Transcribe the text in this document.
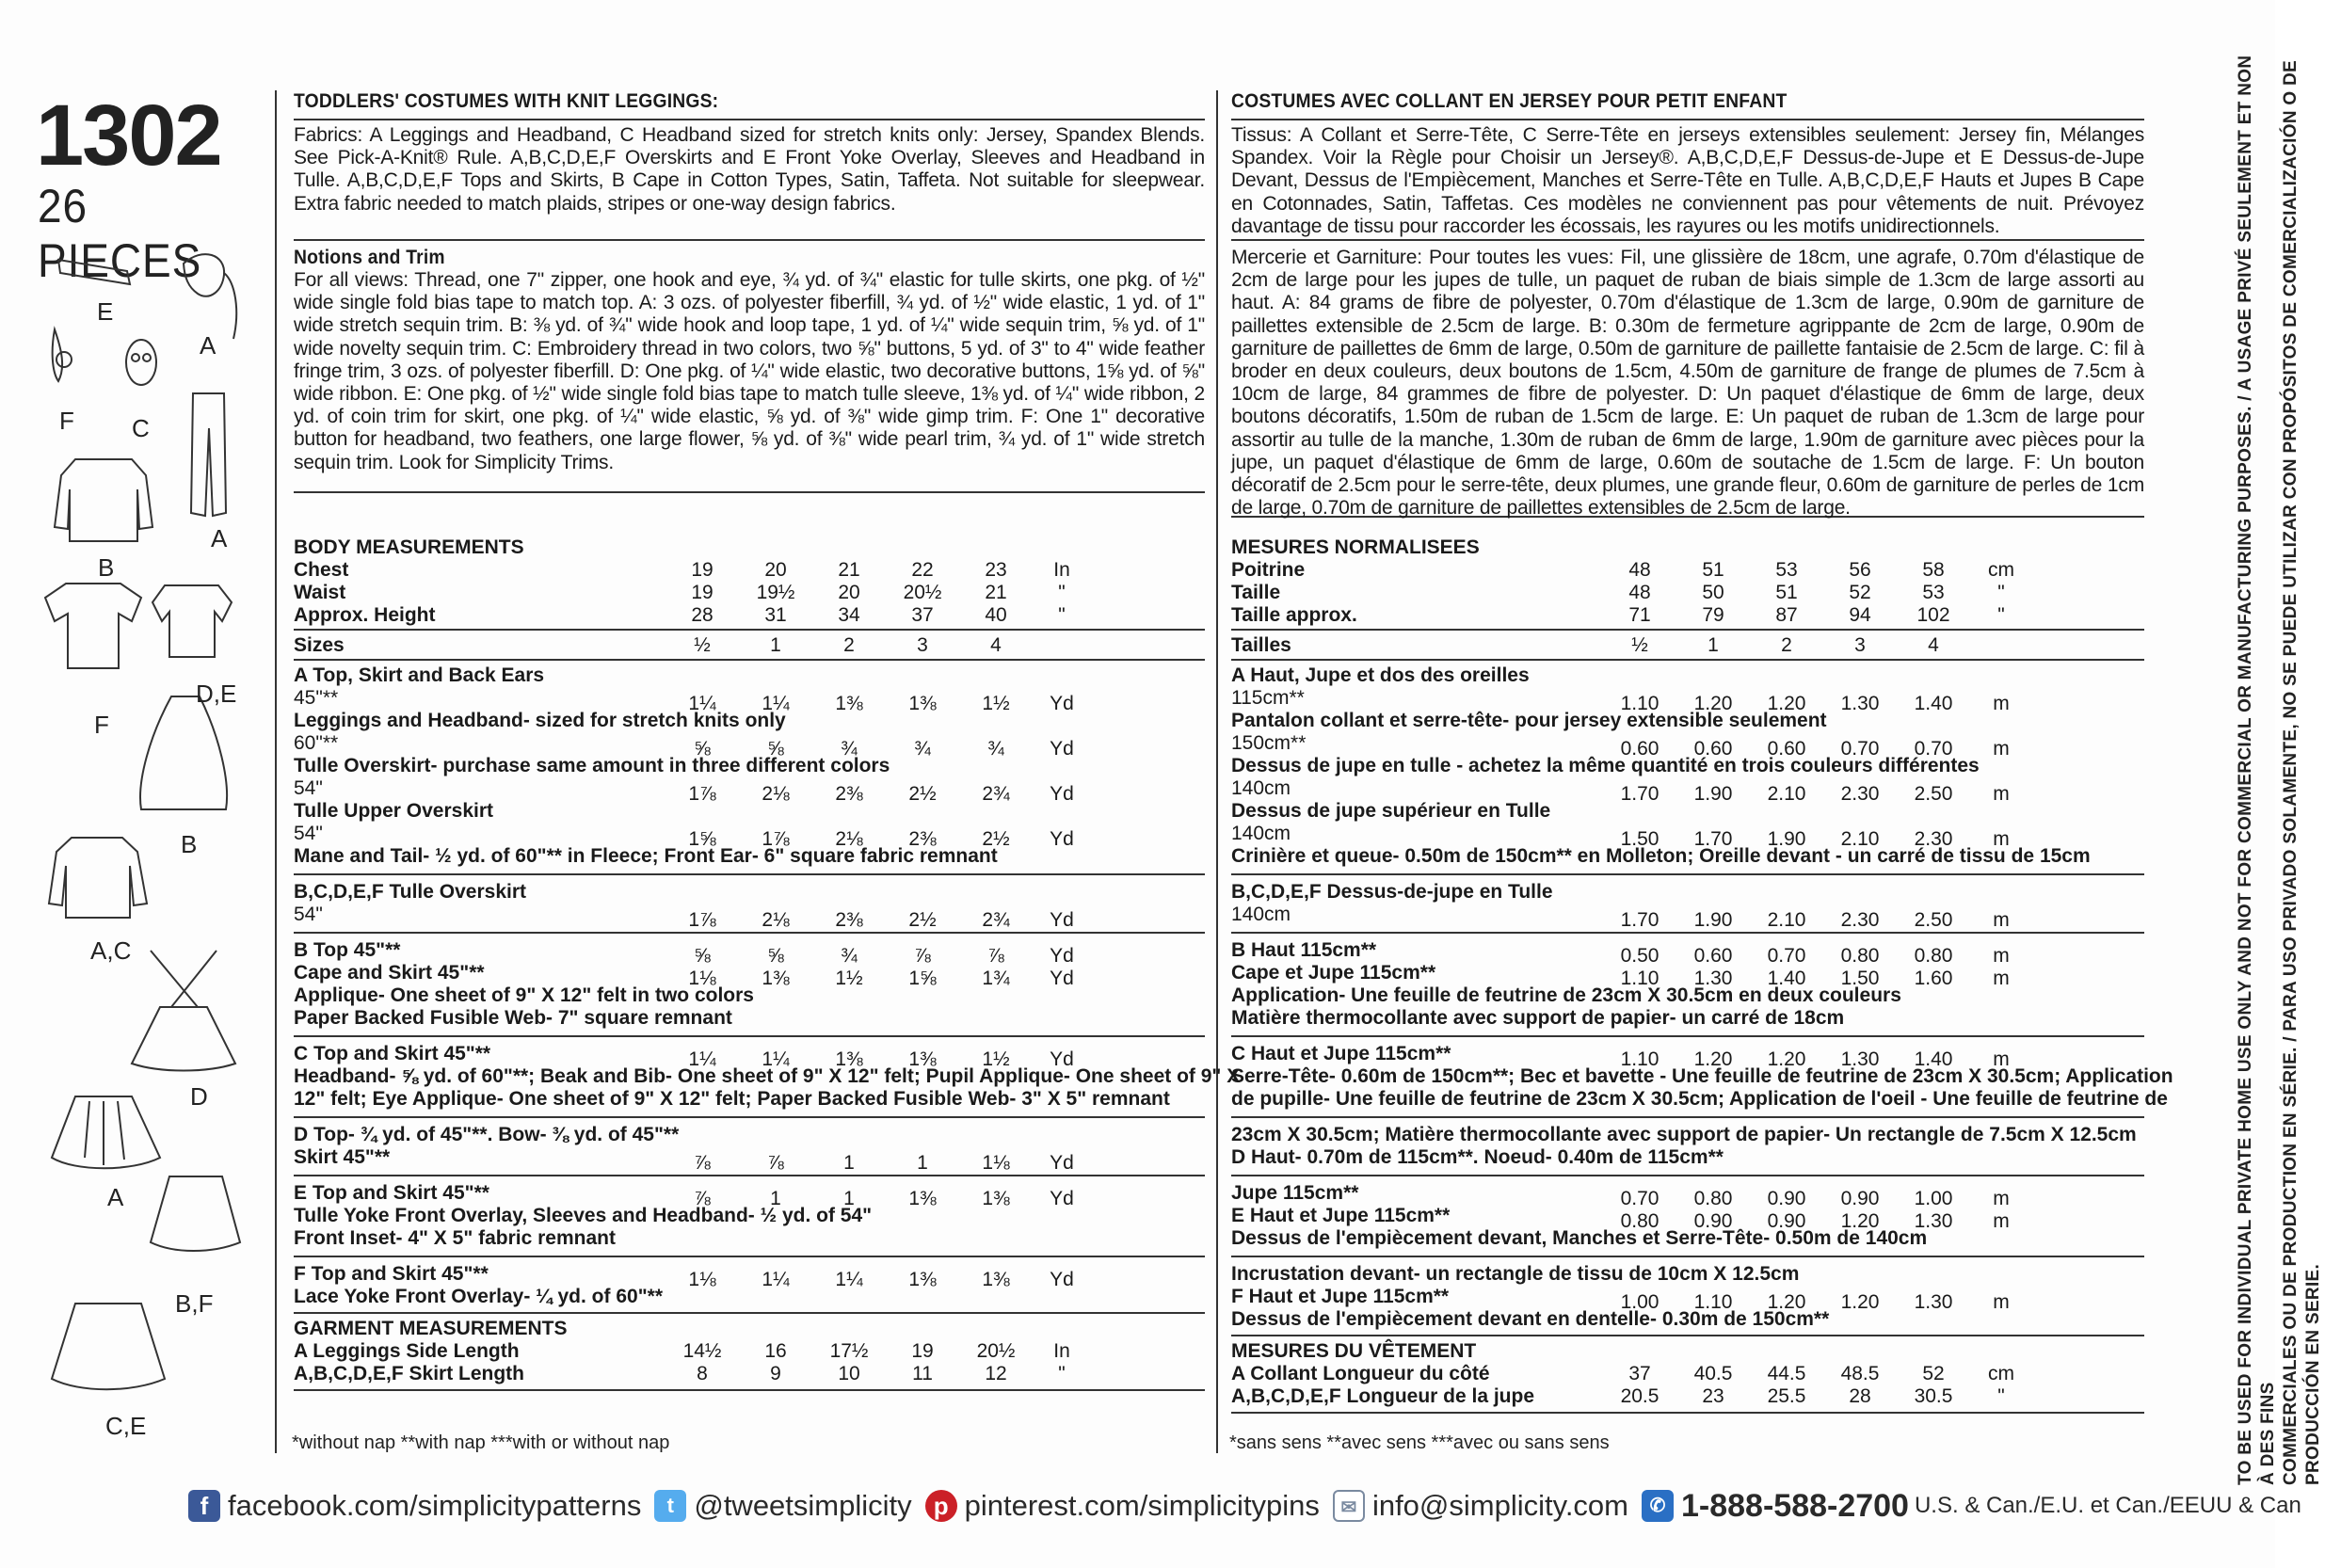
1302
26 PIECES
E
A
F C
A
B
F
D,E
B
A,C
D
A
B,F
C,E
TODDLERS' COSTUMES WITH KNIT LEGGINGS:
Fabrics: A Leggings and Headband, C Headband sized for stretch knits only: Jersey, Spandex Blends. See Pick-A-Knit® Rule. A,B,C,D,E,F Overskirts and E Front Yoke Overlay, Sleeves and Headband in Tulle. A,B,C,D,E,F Tops and Skirts, B Cape in Cotton Types, Satin, Taffeta. Not suitable for sleepwear. Extra fabric needed to match plaids, stripes or one-way design fabrics.
Notions and Trim
For all views: Thread, one 7" zipper, one hook and eye, ¾ yd. of ¾" elastic for tulle skirts, one pkg. of ½" wide single fold bias tape to match top. A: 3 ozs. of polyester fiberfill, ¾ yd. of ½" wide elastic, 1 yd. of 1" wide stretch sequin trim. B: ⅜ yd. of ¾" wide hook and loop tape, 1 yd. of ¼" wide sequin trim, ⅝ yd. of 1" wide novelty sequin trim. C: Embroidery thread in two colors, two ⅝" buttons, 5 yd. of 3" to 4" wide feather fringe trim, 3 ozs. of polyester fiberfill. D: One pkg. of ¼" wide elastic, two decorative buttons, 1⅝ yd. of ⅝" wide ribbon. E: One pkg. of ½" wide single fold bias tape to match tulle sleeve, 1⅜ yd. of ¼" wide ribbon, 2 yd. of coin trim for skirt, one pkg. of ¼" wide elastic, ⅝ yd. of ⅜" wide gimp trim. F: One 1" decorative button for headband, two feathers, one large flower, ⅝ yd. of ⅜" wide pearl trim, ¾ yd. of 1" wide stretch sequin trim. Look for Simplicity Trims.
BODY MEASUREMENTS
Chest	19	20	21	22	23	In
Waist	19	19½	20	20½	21	"
Approx. Height	28	31	34	37	40	"
Sizes	½	1	2	3	4
A Top, Skirt and Back Ears
45"**	1¼	1¼	1⅜	1⅜	1½	Yd
Leggings and Headband- sized for stretch knits only
60"**	⅝	⅝	¾	¾	¾	Yd
Tulle Overskirt- purchase same amount in three different colors
54"	1⅞	2⅛	2⅜	2½	2¾	Yd
Tulle Upper Overskirt
54"	1⅝	1⅞	2⅛	2⅜	2½	Yd
Mane and Tail- ½ yd. of 60"** in Fleece; Front Ear- 6" square fabric remnant
B,C,D,E,F Tulle Overskirt
54"	1⅞	2⅛	2⅜	2½	2¾	Yd
B Top 45"**	⅝	⅝	¾	⅞	⅞	Yd
Cape and Skirt 45"**	1⅛	1⅜	1½	1⅝	1¾	Yd
Applique- One sheet of 9" X 12" felt in two colors
Paper Backed Fusible Web- 7" square remnant
C Top and Skirt 45"**	1¼	1¼	1⅜	1⅜	1½	Yd
Headband- ⅝ yd. of 60"**; Beak and Bib- One sheet of 9" X 12" felt; Pupil Applique- One sheet of 9" X
12" felt; Eye Applique- One sheet of 9" X 12" felt; Paper Backed Fusible Web- 3" X 5" remnant
D Top- ¾ yd. of 45"**. Bow- ⅜ yd. of 45"**
Skirt 45"**	⅞	⅞	1	1	1⅛	Yd
E Top and Skirt 45"**	⅞	1	1	1⅜	1⅜	Yd
Tulle Yoke Front Overlay, Sleeves and Headband- ½ yd. of 54"
Front Inset- 4" X 5" fabric remnant
F Top and Skirt 45"**	1⅛	1¼	1¼	1⅜	1⅜	Yd
Lace Yoke Front Overlay- ¼ yd. of 60"**
GARMENT MEASUREMENTS
A Leggings Side Length	14½	16	17½	19	20½	In
A,B,C,D,E,F Skirt Length	8	9	10	11	12	"
COSTUMES AVEC COLLANT EN JERSEY POUR PETIT ENFANT
Tissus: A Collant et Serre-Tête, C Serre-Tête en jerseys extensibles seulement: Jersey fin, Mélanges Spandex. Voir la Règle pour Choisir un Jersey®. A,B,C,D,E,F Dessus-de-Jupe et E Dessus-de-Jupe Devant, Dessus de l'Empiècement, Manches et Serre-Tête en Tulle. A,B,C,D,E,F Hauts et Jupes B Cape en Cotonnades, Satin, Taffetas. Ces modèles ne conviennent pas pour vêtements de nuit. Prévoyez davantage de tissu pour raccorder les écossais, les rayures ou les motifs unidirectionnels.
Mercerie et Garniture: Pour toutes les vues: Fil, une glissière de 18cm, une agrafe, 0.70m d'élastique de 2cm de large pour les jupes de tulle, un paquet de ruban de biais simple de 1.3cm de large assorti au haut. A: 84 grams de fibre de polyester, 0.70m d'élastique de 1.3cm de large, 0.90m de garniture de paillettes extensible de 2.5cm de large. B: 0.30m de fermeture agrippante de 2cm de large, 0.90m de garniture de paillettes de 6mm de large, 0.50m de garniture de paillette fantaisie de 2.5cm de large. C: fil à broder en deux couleurs, deux boutons de 1.5cm, 4.50m de garniture de frange de plumes de 7.5cm à 10cm de large, 84 grammes de fibre de polyester. D: Un paquet d'élastique de 6mm de large, deux boutons décoratifs, 1.50m de ruban de 1.5cm de large. E: Un paquet de ruban de 1.3cm de large pour assortir au tulle de la manche, 1.30m de ruban de 6mm de large, 1.90m de garniture avec pièces pour la jupe, un paquet d'élastique de 6mm de large, 0.60m de soutache de 1.5cm de large. F: Un bouton décoratif de 2.5cm pour le serre-tête, deux plumes, une grande fleur, 0.60m de garniture de perles de 1cm de large, 0.70m de garniture de paillettes extensibles de 2.5cm de large.
MESURES NORMALISEES
Poitrine	48	51	53	56	58	cm
Taille	48	50	51	52	53	"
Taille approx.	71	79	87	94	102	"
Tailles	½	1	2	3	4
A Haut, Jupe et dos des oreilles
115cm**	1.10	1.20	1.20	1.30	1.40	m
Pantalon collant et serre-tête- pour jersey extensible seulement
150cm**	0.60	0.60	0.60	0.70	0.70	m
Dessus de jupe en tulle - achetez la même quantité en trois couleurs différentes
140cm	1.70	1.90	2.10	2.30	2.50	m
Dessus de jupe supérieur en Tulle
140cm	1.50	1.70	1.90	2.10	2.30	m
Crinière et queue- 0.50m de 150cm** en Molleton; Oreille devant - un carré de tissu de 15cm
B,C,D,E,F Dessus-de-jupe en Tulle
140cm	1.70	1.90	2.10	2.30	2.50	m
B Haut 115cm**	0.50	0.60	0.70	0.80	0.80	m
Cape et Jupe 115cm**	1.10	1.30	1.40	1.50	1.60	m
Application- Une feuille de feutrine de 23cm X 30.5cm en deux couleurs
Matière thermocollante avec support de papier- un carré de 18cm
C Haut et Jupe 115cm**	1.10	1.20	1.20	1.30	1.40	m
Serre-Tête- 0.60m de 150cm**; Bec et bavette - Une feuille de feutrine de 23cm X 30.5cm; Application
de pupille- Une feuille de feutrine de 23cm X 30.5cm; Application de l'oeil - Une feuille de feutrine de
23cm X 30.5cm; Matière thermocollante avec support de papier- Un rectangle de 7.5cm X 12.5cm
D Haut- 0.70m de 115cm**. Noeud- 0.40m de 115cm**
Jupe 115cm**	0.70	0.80	0.90	0.90	1.00	m
E Haut et Jupe 115cm**	0.80	0.90	0.90	1.20	1.30	m
Dessus de l'empiècement devant, Manches et Serre-Tête- 0.50m de 140cm
Incrustation devant- un rectangle de tissu de 10cm X 12.5cm
F Haut et Jupe 115cm**	1.00	1.10	1.20	1.20	1.30	m
Dessus de l'empiècement devant en dentelle- 0.30m de 150cm**
MESURES DU VÊTEMENT
A Collant Longueur du côté	37	40.5	44.5	48.5	52	cm
A,B,C,D,E,F Longueur de la jupe	20.5	23	25.5	28	30.5	"
*without nap **with nap ***with or without nap	*sans sens **avec sens ***avec ou sans sens	TO BE USED FOR INDIVIDUAL PRIVATE HOME USE ONLY AND NOT FOR COMMERCIAL OR MANUFACTURING PURPOSES. / A USAGE PRIVÉ SEULEMENT ET NON À DES FINS COMMERCIALES OU DE PRODUCTION EN SÉRIE. / PARA USO PRIVADO SOLAMENTE, NO SE PUEDE UTILIZAR CON PROPÓSITOS DE COMERCIALIZACIÓN O DE PRODUCCIÓN EN SERIE.
f facebook.com/simplicitypatterns	t @tweetsimplicity p pinterest.com/simplicitypins	✉ info@simplicity.com	✆ 1-888-588-2700 U.S. & Can./E.U. et Can./EEUU & Can
